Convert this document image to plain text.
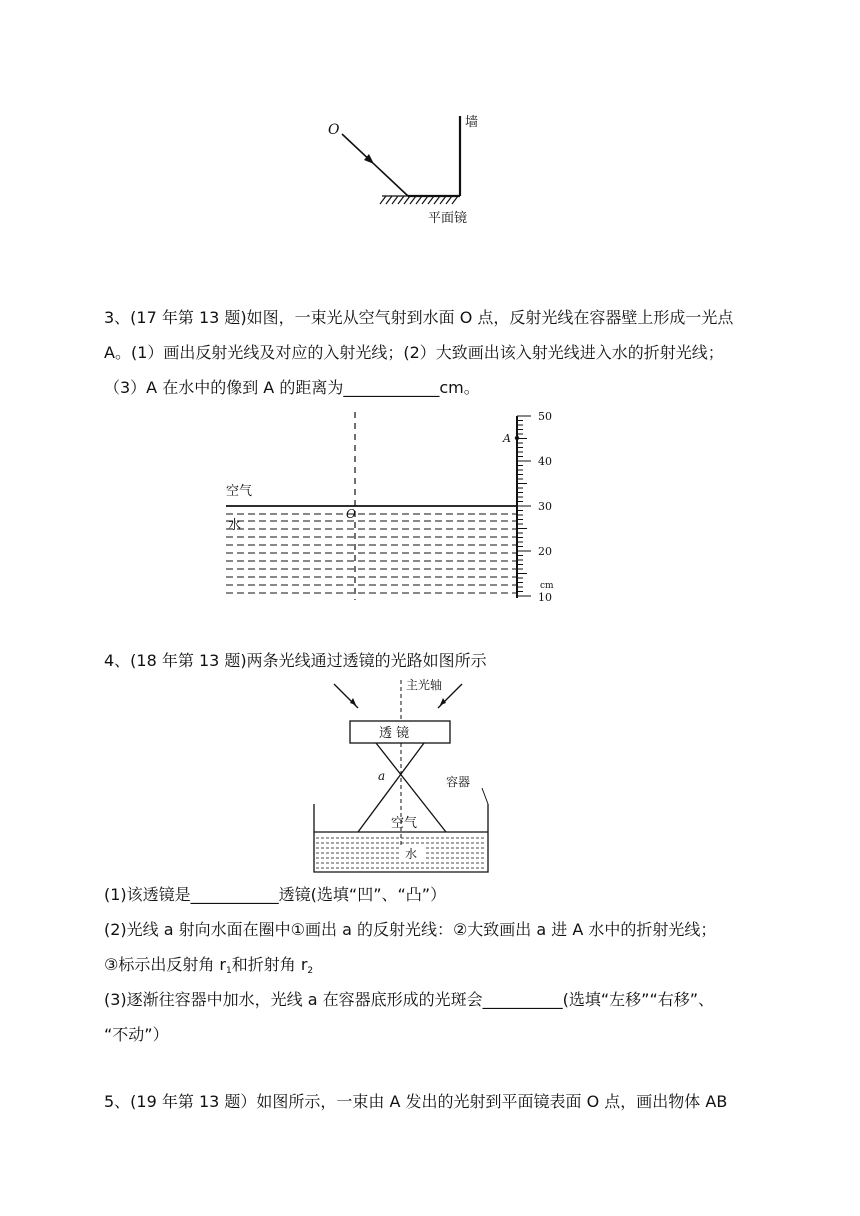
O	墙
平面镜
3、(17 年第 13 题)如图，一束光从空气射到水面 O 点，反射光线在容器壁上形成一光点
A。(1）画出反射光线及对应的入射光线；(2）大致画出该入射光线进入水的折射光线；
（3）A 在水中的像到 A 的距离为____________cm。
50
40
30
20
10
cm
A
O
空气
水
4、(18 年第 13 题)两条光线通过透镜的光路如图所示
透 镜
水
主光轴
a	容器
空气
(1)该透镜是___________透镜(选填“凹”、“凸”）
(2)光线 a 射向水面在圈中①画出 a 的反射光线：②大致画出 a 进 A 水中的折射光线；
③标示出反射角 $r_1$和折射角 $r_2$
(3)逐渐往容器中加水，光线 a 在容器底形成的光斑会__________(选填“左移”“右移”、
“不动”）
5、(19 年第 13 题）如图所示，一束由 A 发出的光射到平面镜表面 O 点，画出物体 AB
